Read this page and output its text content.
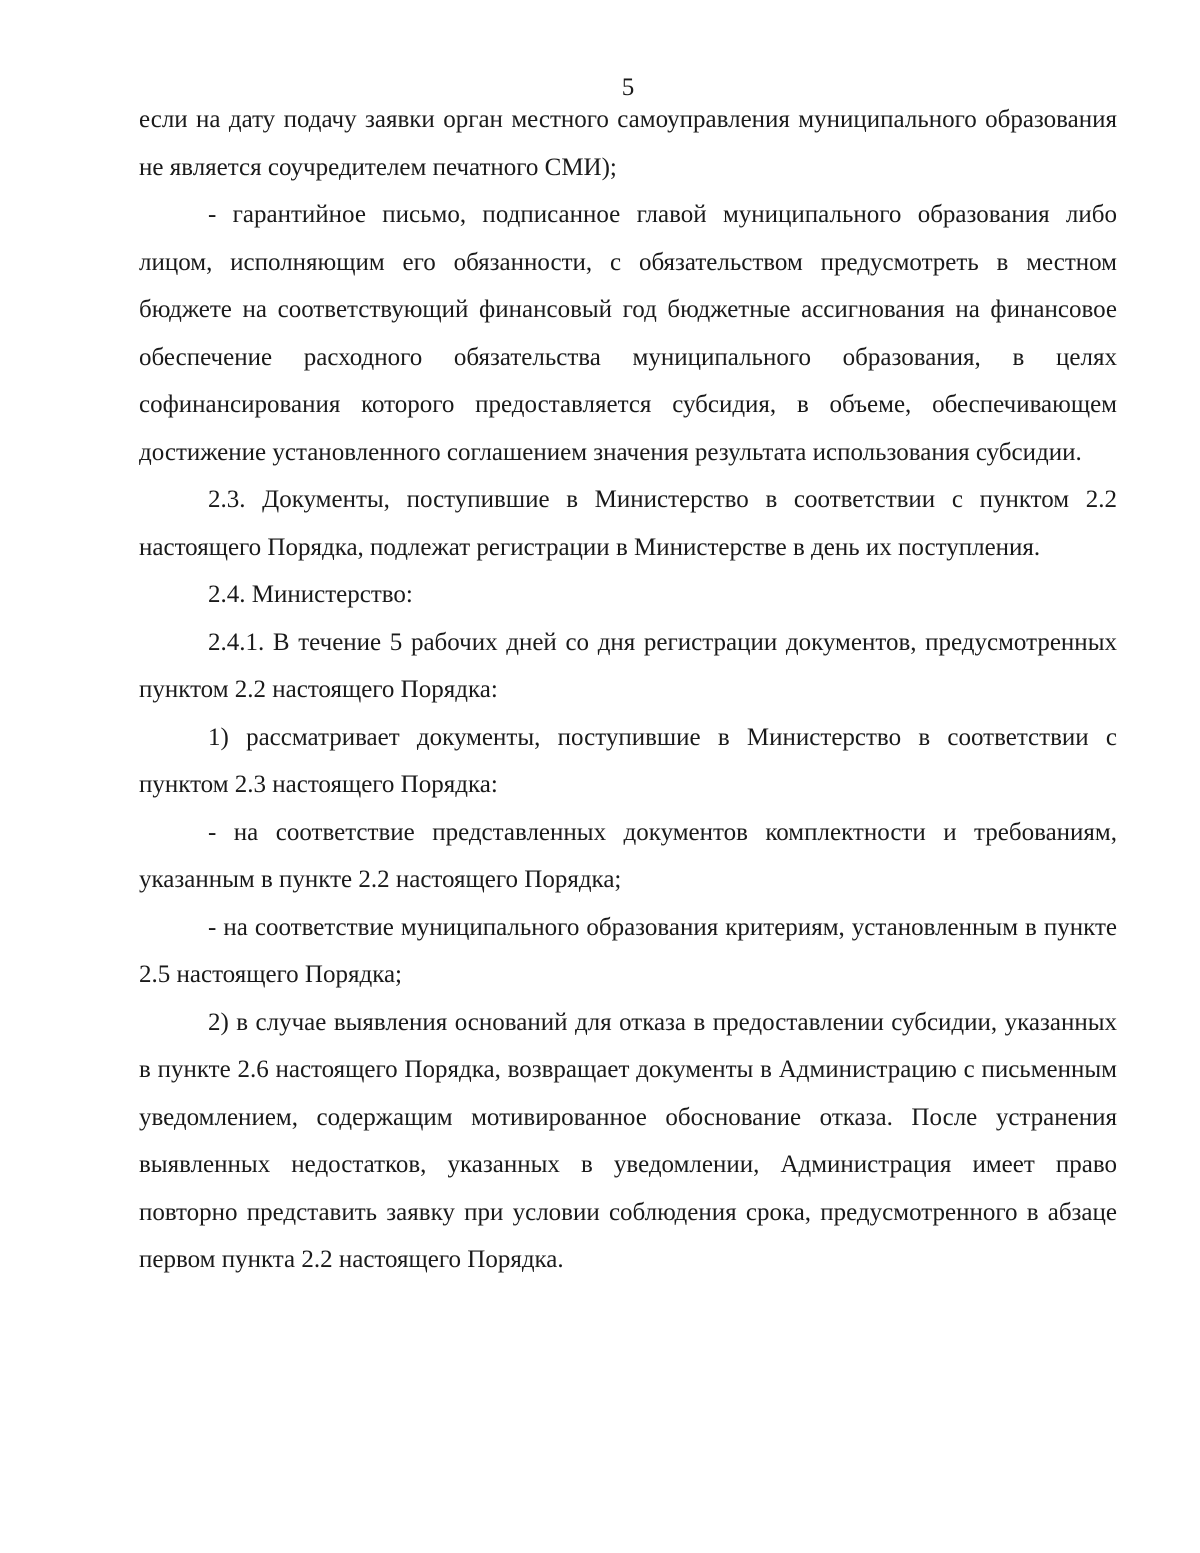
5

если на дату подачу заявки орган местного самоуправления муниципального образования не является соучредителем печатного СМИ);

- гарантийное письмо, подписанное главой муниципального образования либо лицом, исполняющим его обязанности, с обязательством предусмотреть в местном бюджете на соответствующий финансовый год бюджетные ассигнования на финансовое обеспечение расходного обязательства муниципального образования, в целях софинансирования которого предоставляется субсидия, в объеме, обеспечивающем достижение установленного соглашением значения результата использования субсидии.

2.3. Документы, поступившие в Министерство в соответствии с пунктом 2.2 настоящего Порядка, подлежат регистрации в Министерстве в день их поступления.

2.4. Министерство:

2.4.1. В течение 5 рабочих дней со дня регистрации документов, предусмотренных пунктом 2.2 настоящего Порядка:

1) рассматривает документы, поступившие в Министерство в соответствии с пунктом 2.3 настоящего Порядка:

- на соответствие представленных документов комплектности и требованиям, указанным в пункте 2.2 настоящего Порядка;

- на соответствие муниципального образования критериям, установленным в пункте 2.5 настоящего Порядка;

2) в случае выявления оснований для отказа в предоставлении субсидии, указанных в пункте 2.6 настоящего Порядка, возвращает документы в Администрацию с письменным уведомлением, содержащим мотивированное обоснование отказа. После устранения выявленных недостатков, указанных в уведомлении, Администрация имеет право повторно представить заявку при условии соблюдения срока, предусмотренного в абзаце первом пункта 2.2 настоящего Порядка.
